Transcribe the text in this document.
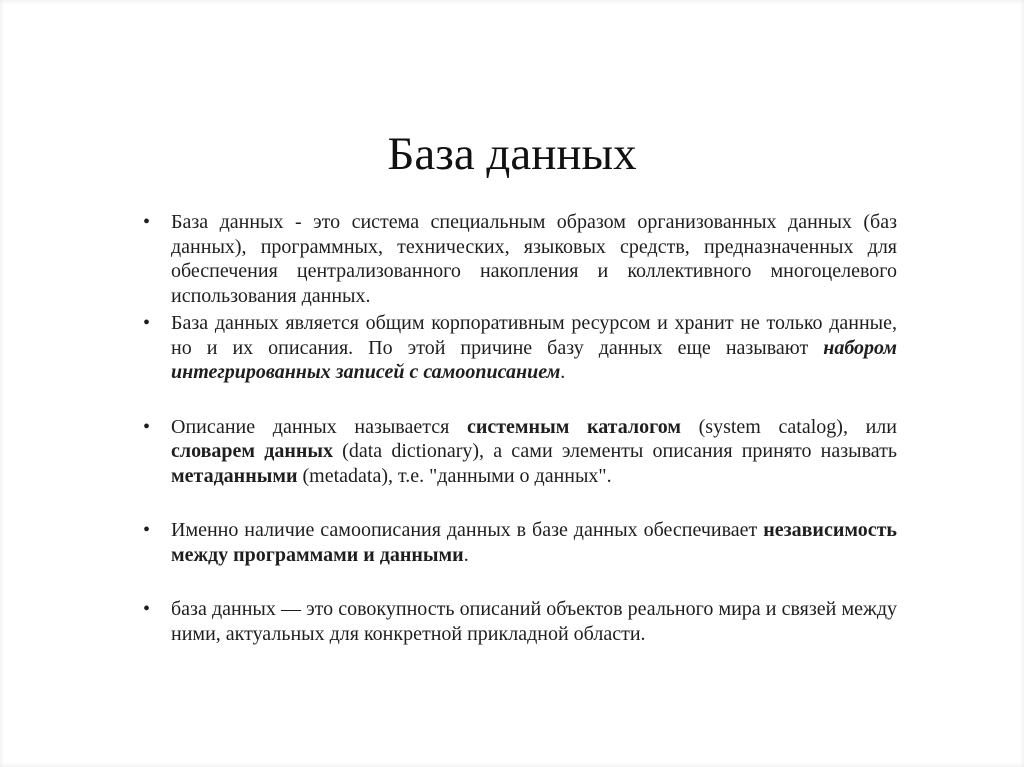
База данных
•	База данных - это система специальным образом организованных данных (баз данных), программных, технических, языковых средств, предназначенных для обеспечения централизованного накопления и коллективного многоцелевого использования данных.
•	База данных является общим корпоративным ресурсом и хранит не только данные, но и их описания. По этой причине базу данных еще называют набором интегрированных записей с самоописанием.
•	Описание данных называется системным каталогом (system catalog), или словарем данных (data dictionary), а сами элементы описания принято называть метаданными (metadata), т.е. "данными о данных".
•	Именно наличие самоописания данных в базе данных обеспечивает независимость между программами и данными.
•	база данных — это совокупность описаний объектов реального мира и связей между ними, актуальных для конкретной прикладной области.
